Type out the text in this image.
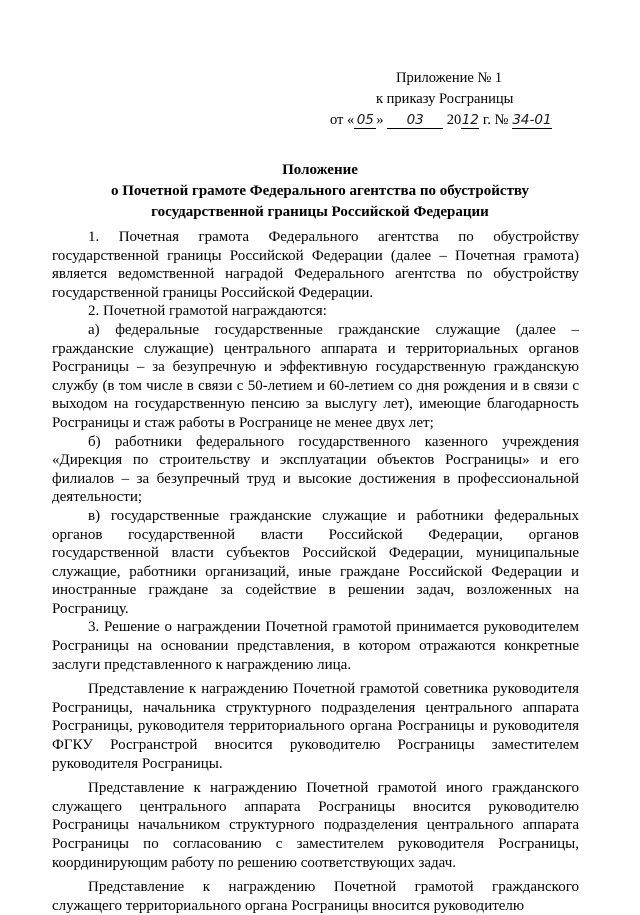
Приложение № 1
к приказу Росграницы
от « 05 » 03 2012 г. № 34-01
Положение
о Почетной грамоте Федерального агентства по обустройству
государственной границы Российской Федерации

1. Почетная грамота Федерального агентства по обустройству государственной границы Российской Федерации (далее – Почетная грамота) является ведомственной наградой Федерального агентства по обустройству государственной границы Российской Федерации.

2. Почетной грамотой награждаются:

а) федеральные государственные гражданские служащие (далее – гражданские служащие) центрального аппарата и территориальных органов Росграницы – за безупречную и эффективную государственную гражданскую службу (в том числе в связи с 50-летием и 60-летием со дня рождения и в связи с выходом на государственную пенсию за выслугу лет), имеющие благодарность Росграницы и стаж работы в Росгранице не менее двух лет;

б) работники федерального государственного казенного учреждения «Дирекция по строительству и эксплуатации объектов Росграницы» и его филиалов – за безупречный труд и высокие достижения в профессиональной деятельности;

в) государственные гражданские служащие и работники федеральных органов государственной власти Российской Федерации, органов государственной власти субъектов Российской Федерации, муниципальные служащие, работники организаций, иные граждане Российской Федерации и иностранные граждане за содействие в решении задач, возложенных на Росграницу.

3. Решение о награждении Почетной грамотой принимается руководителем Росграницы на основании представления, в котором отражаются конкретные заслуги представленного к награждению лица.

Представление к награждению Почетной грамотой советника руководителя Росграницы, начальника структурного подразделения центрального аппарата Росграницы, руководителя территориального органа Росграницы и руководителя ФГКУ Росгранстрой вносится руководителю Росграницы заместителем руководителя Росграницы.

Представление к награждению Почетной грамотой иного гражданского служащего центрального аппарата Росграницы вносится руководителю Росграницы начальником структурного подразделения центрального аппарата Росграницы по согласованию с заместителем руководителя Росграницы, координирующим работу по решению соответствующих задач.

Представление к награждению Почетной грамотой гражданского служащего территориального органа Росграницы вносится руководителю
